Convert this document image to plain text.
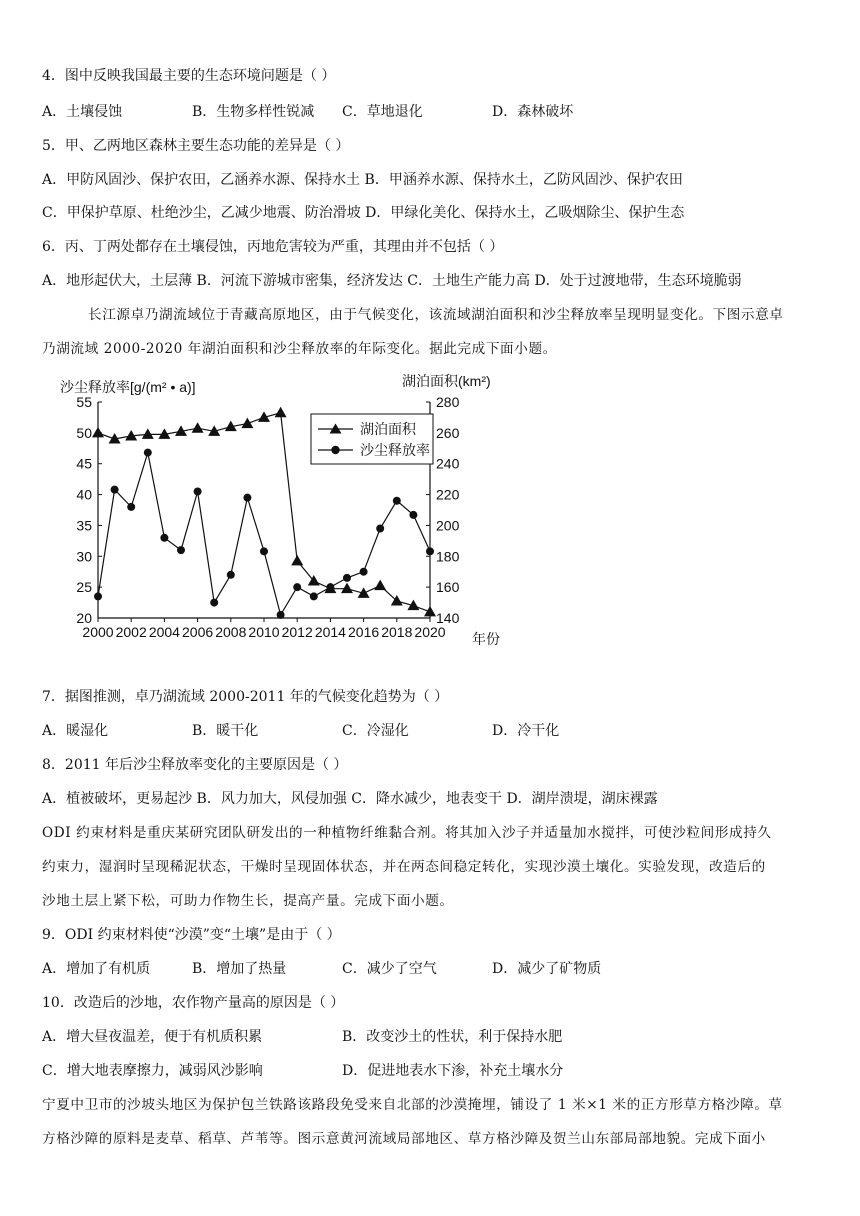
4．图中反映我国最主要的生态环境问题是（ ）
A．土壤侵蚀	B．生物多样性锐减 C．草地退化	D．森林破坏
5．甲、乙两地区森林主要生态功能的差异是（ ）
A．甲防风固沙、保护农田，乙涵养水源、保持水土 B．甲涵养水源、保持水土，乙防风固沙、保护农田
C．甲保护草原、杜绝沙尘，乙减少地震、防治滑坡 D．甲绿化美化、保持水土，乙吸烟除尘、保护生态
6．丙、丁两处都存在土壤侵蚀，丙地危害较为严重，其理由并不包括（ ）
A．地形起伏大，土层薄 B．河流下游城市密集，经济发达 C．土地生产能力高 D．处于过渡地带，生态环境脆弱
长江源卓乃湖流域位于青藏高原地区，由于气候变化，该流域湖泊面积和沙尘释放率呈现明显变化。下图示意卓
乃湖流域 2000-2020 年湖泊面积和沙尘释放率的年际变化。据此完成下面小题。
沙尘释放率[g/(m² • a)]	湖泊面积(km²)
年份
20
25
30
35
40
45
50
55
140
160
180
200
220
240
260
280
2000 2002 2004 2006 2008 2010 2012 2014 2016 2018 2020
湖泊面积
沙尘释放率
7．据图推测，卓乃湖流域 2000-2011 年的气候变化趋势为（ ）
A．暖湿化	B．暖干化	C．冷湿化	D．冷干化
8．2011 年后沙尘释放率变化的主要原因是（ ）
A．植被破坏，更易起沙 B．风力加大，风侵加强 C．降水减少，地表变干 D．湖岸溃堤，湖床裸露
ODI 约束材料是重庆某研究团队研发出的一种植物纤维黏合剂。将其加入沙子并适量加水搅拌，可使沙粒间形成持久
约束力，湿润时呈现稀泥状态，干燥时呈现固体状态，并在两态间稳定转化，实现沙漠土壤化。实验发现，改造后的
沙地土层上紧下松，可助力作物生长，提高产量。完成下面小题。
9．ODI 约束材料使“沙漠”变“土壤”是由于（ ）
A．增加了有机质	B．增加了热量	C．减少了空气	D．减少了矿物质
10．改造后的沙地，农作物产量高的原因是（ ）
A．增大昼夜温差，便于有机质积累	B．改变沙土的性状，利于保持水肥
C．增大地表摩擦力，减弱风沙影响	D．促进地表水下渗，补充土壤水分
宁夏中卫市的沙坡头地区为保护包兰铁路该路段免受来自北部的沙漠掩埋，铺设了 1 米×1 米的正方形草方格沙障。草
方格沙障的原料是麦草、稻草、芦苇等。图示意黄河流域局部地区、草方格沙障及贺兰山东部局部地貌。完成下面小
